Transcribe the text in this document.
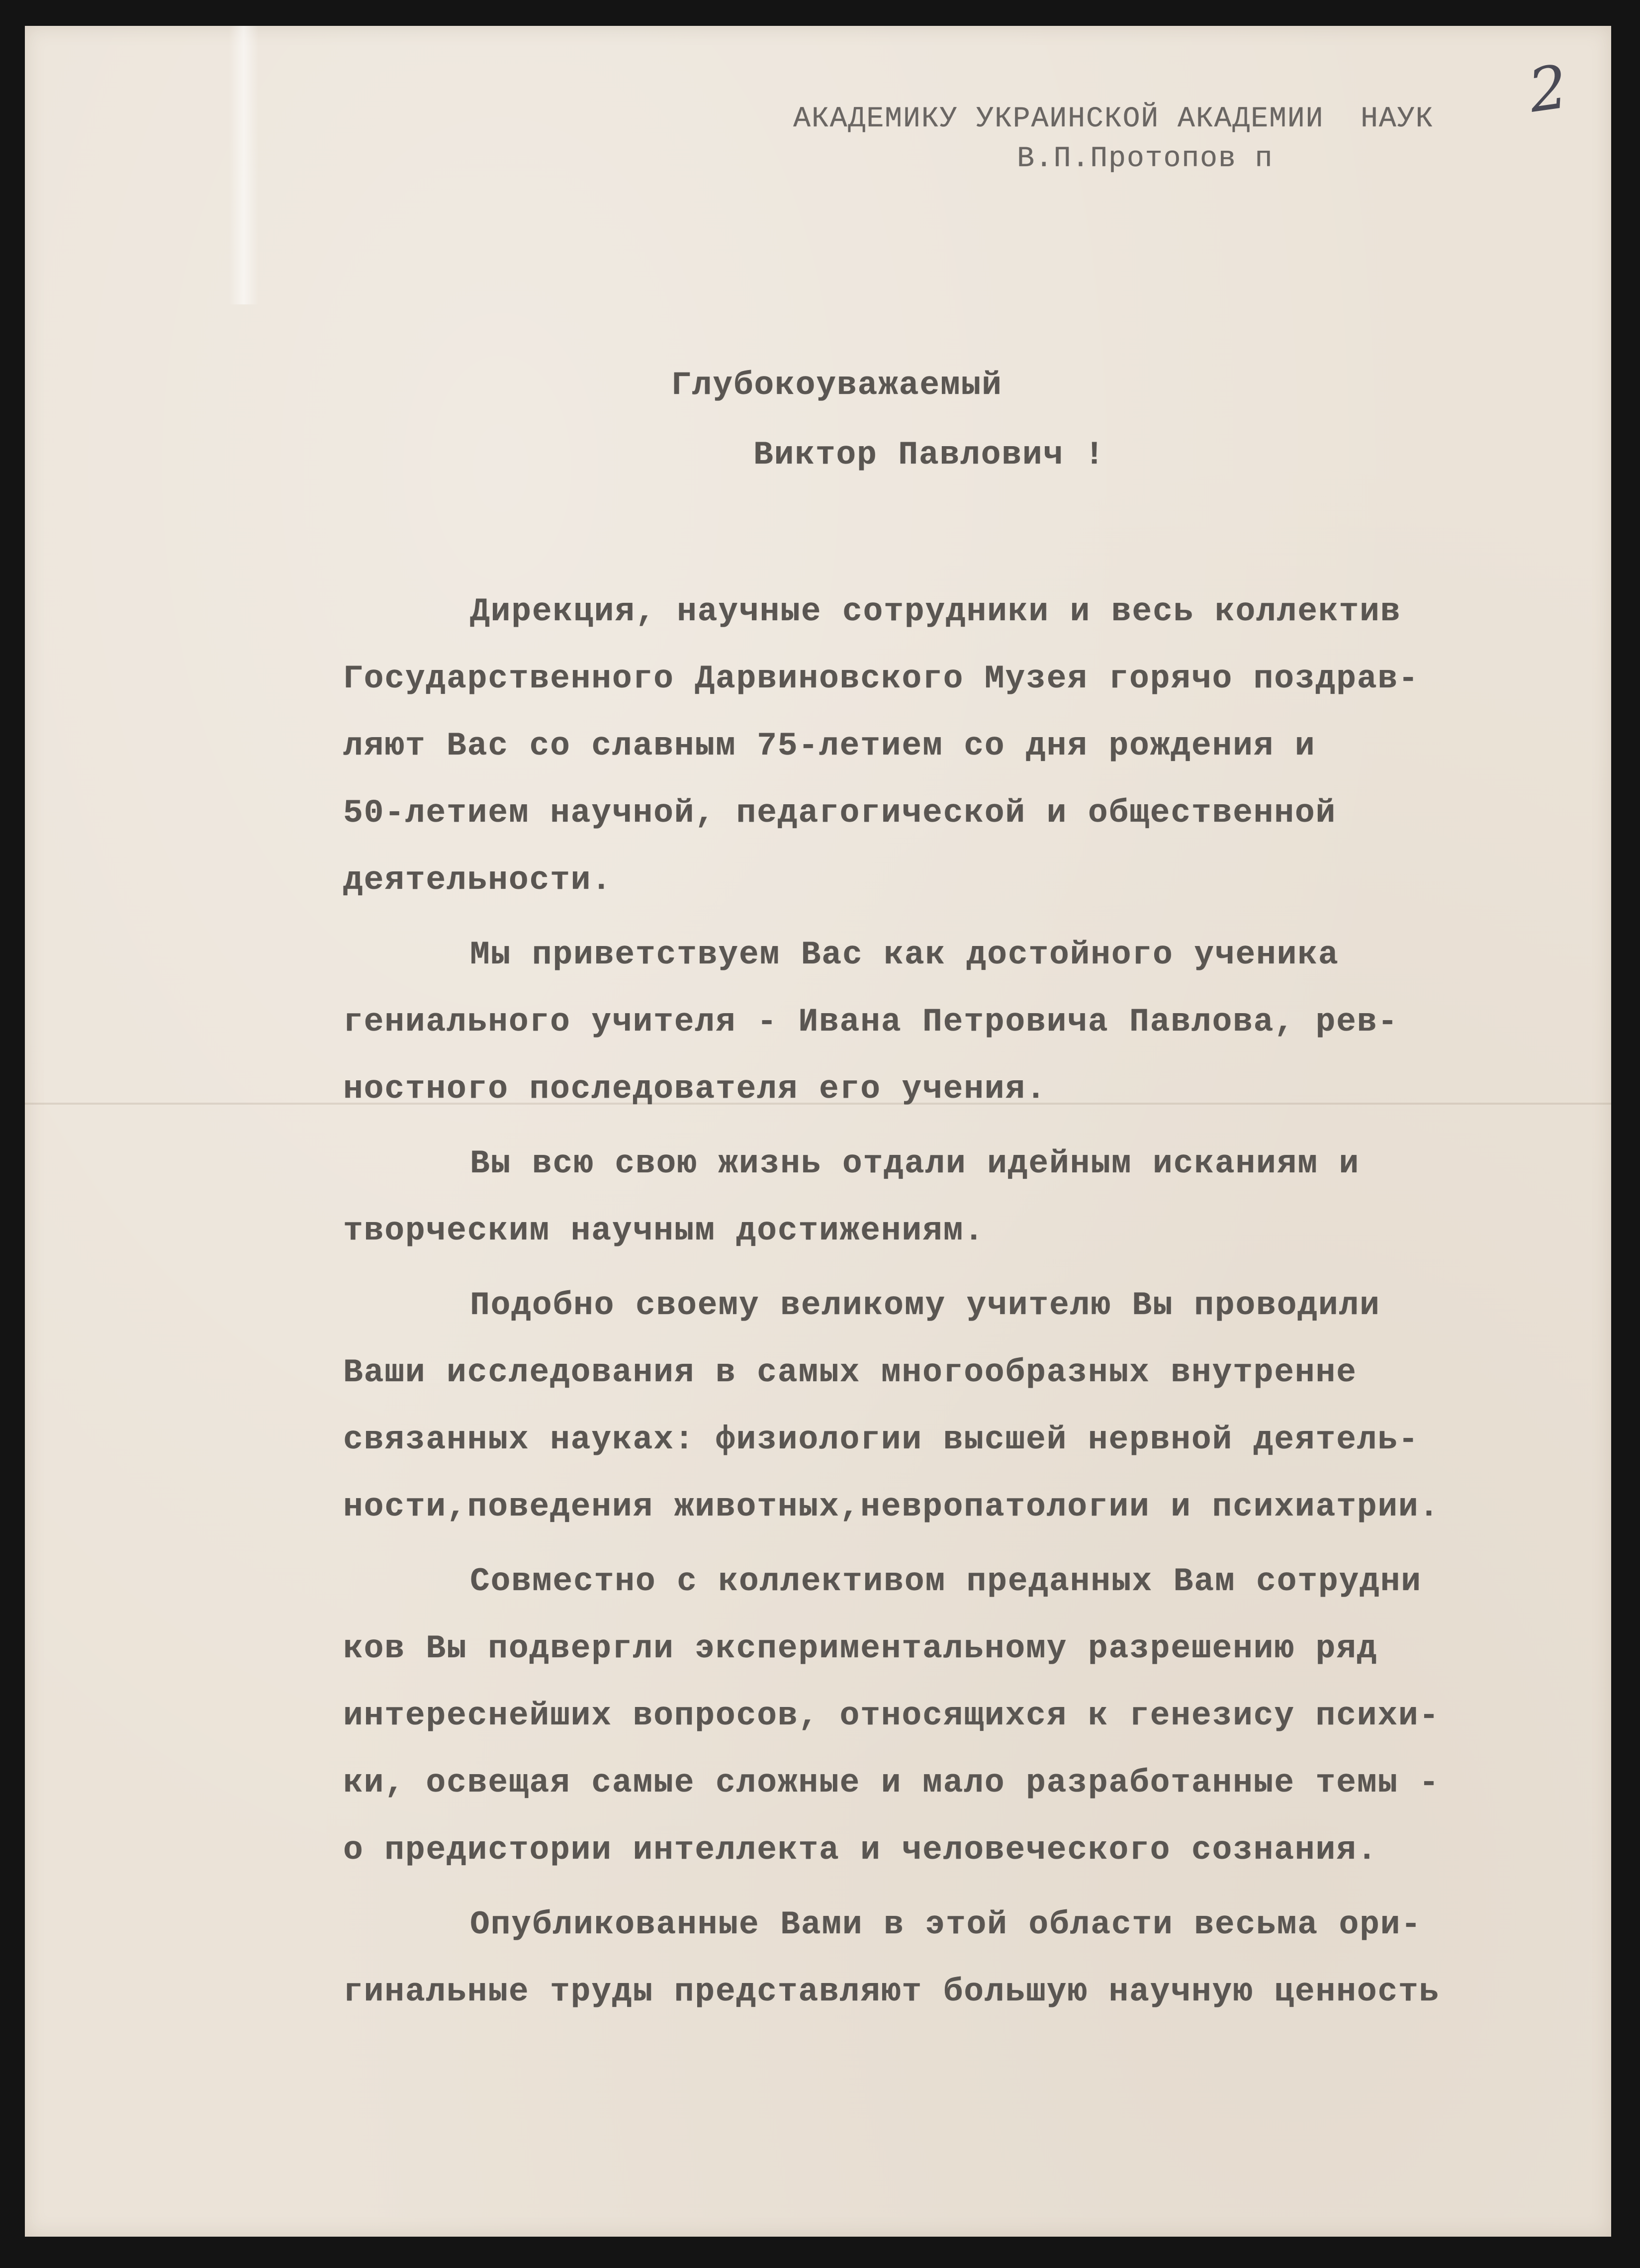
2
АКАДЕМИКУ УКРАИНСКОЙ АКАДЕМИИ  НАУК
В.П.Протопов п
Глубокоуважаемый
Виктор Павлович !
Дирекция, научные сотрудники и весь коллектив
Государственного Дарвиновского Музея горячо поздрав-
ляют Вас со славным 75-летием со дня рождения и
50-летием научной, педагогической и общественной
деятельности.
Мы приветствуем Вас как достойного ученика
гениального учителя - Ивана Петровича Павлова, рев-
ностного последователя его учения.
Вы всю свою жизнь отдали идейным исканиям и
творческим научным достижениям.
Подобно своему великому учителю Вы проводили
Ваши исследования в самых многообразных внутренне
связанных науках: физиологии высшей нервной деятель-
ности,поведения животных,невропатологии и психиатрии.
Совместно с коллективом преданных Вам сотрудни
ков Вы подвергли экспериментальному разрешению ряд
интереснейших вопросов, относящихся к генезису психи-
ки, освещая самые сложные и мало разработанные темы -
о предистории интеллекта и человеческого сознания.
Опубликованные Вами в этой области весьма ори-
гинальные труды представляют большую научную ценность
